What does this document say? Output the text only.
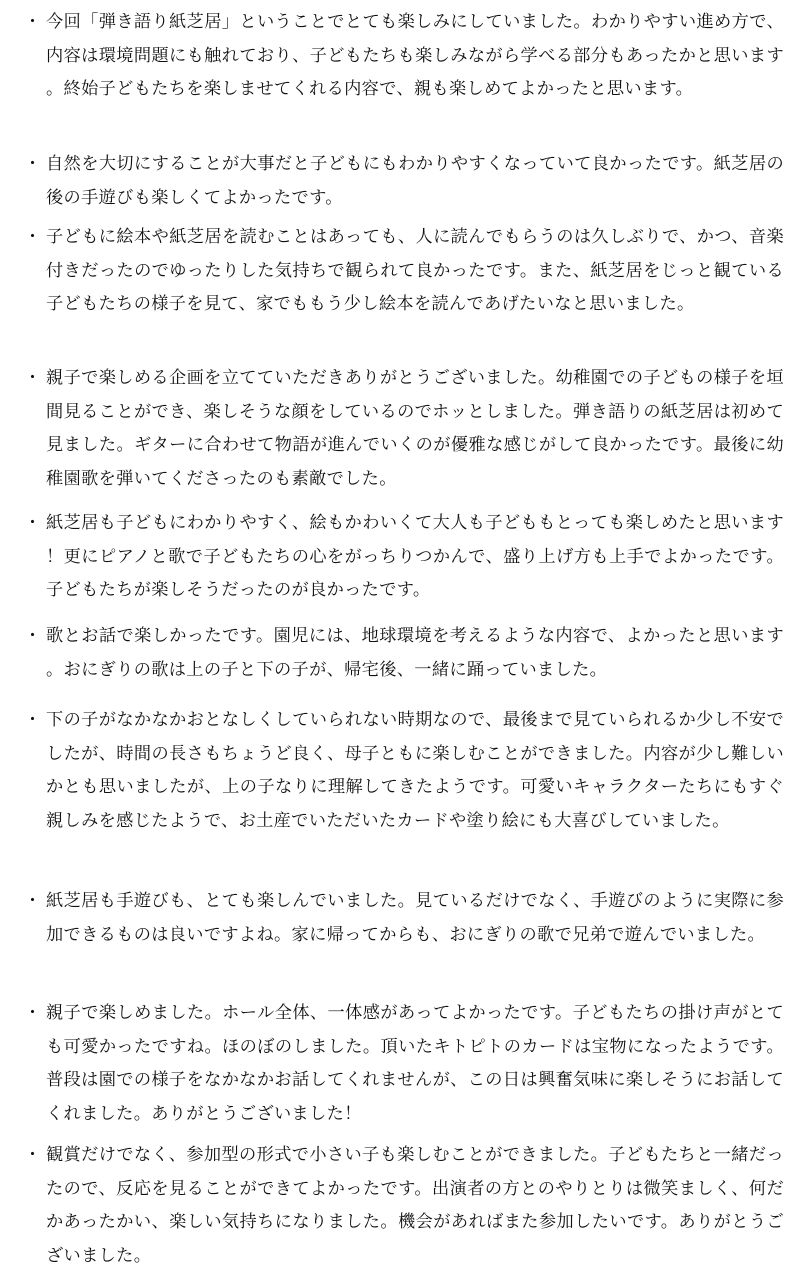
・ 今回「弾き語り紙芝居」ということでとても楽しみにしていました。わかりやすい進め方で、内容は環境問題にも触れており、子どもたちも楽しみながら学べる部分もあったかと思います。終始子どもたちを楽しませてくれる内容で、親も楽しめてよかったと思います。
・ 自然を大切にすることが大事だと子どもにもわかりやすくなっていて良かったです。紙芝居の後の手遊びも楽しくてよかったです。
・ 子どもに絵本や紙芝居を読むことはあっても、人に読んでもらうのは久しぶりで、かつ、音楽付きだったのでゆったりした気持ちで観られて良かったです。また、紙芝居をじっと観ている子どもたちの様子を見て、家でももう少し絵本を読んであげたいなと思いました。
・ 親子で楽しめる企画を立てていただきありがとうございました。幼稚園での子どもの様子を垣間見ることができ、楽しそうな顔をしているのでホッとしました。弾き語りの紙芝居は初めて見ました。ギターに合わせて物語が進んでいくのが優雅な感じがして良かったです。最後に幼稚園歌を弾いてくださったのも素敵でした。
・ 紙芝居も子どもにわかりやすく、絵もかわいくて大人も子どももとっても楽しめたと思います！更にピアノと歌で子どもたちの心をがっちりつかんで、盛り上げ方も上手でよかったです。子どもたちが楽しそうだったのが良かったです。
・ 歌とお話で楽しかったです。園児には、地球環境を考えるような内容で、よかったと思います。おにぎりの歌は上の子と下の子が、帰宅後、一緒に踊っていました。
・ 下の子がなかなかおとなしくしていられない時期なので、最後まで見ていられるか少し不安でしたが、時間の長さもちょうど良く、母子ともに楽しむことができました。内容が少し難しいかとも思いましたが、上の子なりに理解してきたようです。可愛いキャラクターたちにもすぐ親しみを感じたようで、お土産でいただいたカードや塗り絵にも大喜びしていました。
・ 紙芝居も手遊びも、とても楽しんでいました。見ているだけでなく、手遊びのように実際に参加できるものは良いですよね。家に帰ってからも、おにぎりの歌で兄弟で遊んでいました。
・ 親子で楽しめました。ホール全体、一体感があってよかったです。子どもたちの掛け声がとても可愛かったですね。ほのぼのしました。頂いたキトピトのカードは宝物になったようです。普段は園での様子をなかなかお話してくれませんが、この日は興奮気味に楽しそうにお話してくれました。ありがとうございました！
・ 観賞だけでなく、参加型の形式で小さい子も楽しむことができました。子どもたちと一緒だったので、反応を見ることができてよかったです。出演者の方とのやりとりは微笑ましく、何だかあったかい、楽しい気持ちになりました。機会があればまた参加したいです。ありがとうございました。
